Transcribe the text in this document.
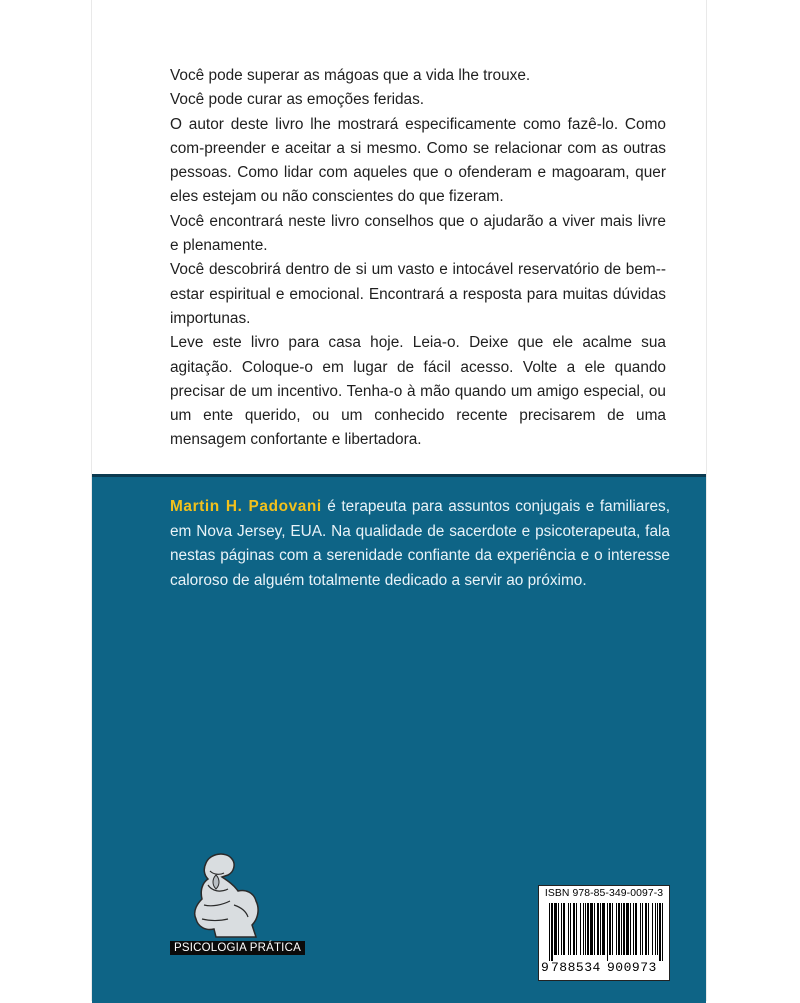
Você pode superar as mágoas que a vida lhe trouxe.

Você pode curar as emoções feridas.

O autor deste livro lhe mostrará especificamente como fazê-lo. Como com-preender e aceitar a si mesmo. Como se relacionar com as outras pessoas. Como lidar com aqueles que o ofenderam e magoaram, quer eles estejam ou não conscientes do que fizeram.

Você encontrará neste livro conselhos que o ajudarão a viver mais livre e plenamente.

Você descobrirá dentro de si um vasto e intocável reservatório de bem--estar espiritual e emocional. Encontrará a resposta para muitas dúvidas importunas.

Leve este livro para casa hoje. Leia-o. Deixe que ele acalme sua agitação. Coloque-o em lugar de fácil acesso. Volte a ele quando precisar de um incentivo. Tenha-o à mão quando um amigo especial, ou um ente querido, ou um conhecido recente precisarem de uma mensagem confortante e libertadora.

Martin H. Padovani é terapeuta para assuntos conjugais e familiares, em Nova Jersey, EUA. Na qualidade de sacerdote e psicoterapeuta, fala nestas páginas com a serenidade confiante da experiência e o interesse caloroso de alguém totalmente dedicado a servir ao próximo.
PSICOLOGIA PRÁTICA
ISBN 978-85-349-0097-3
9 788534 900973
